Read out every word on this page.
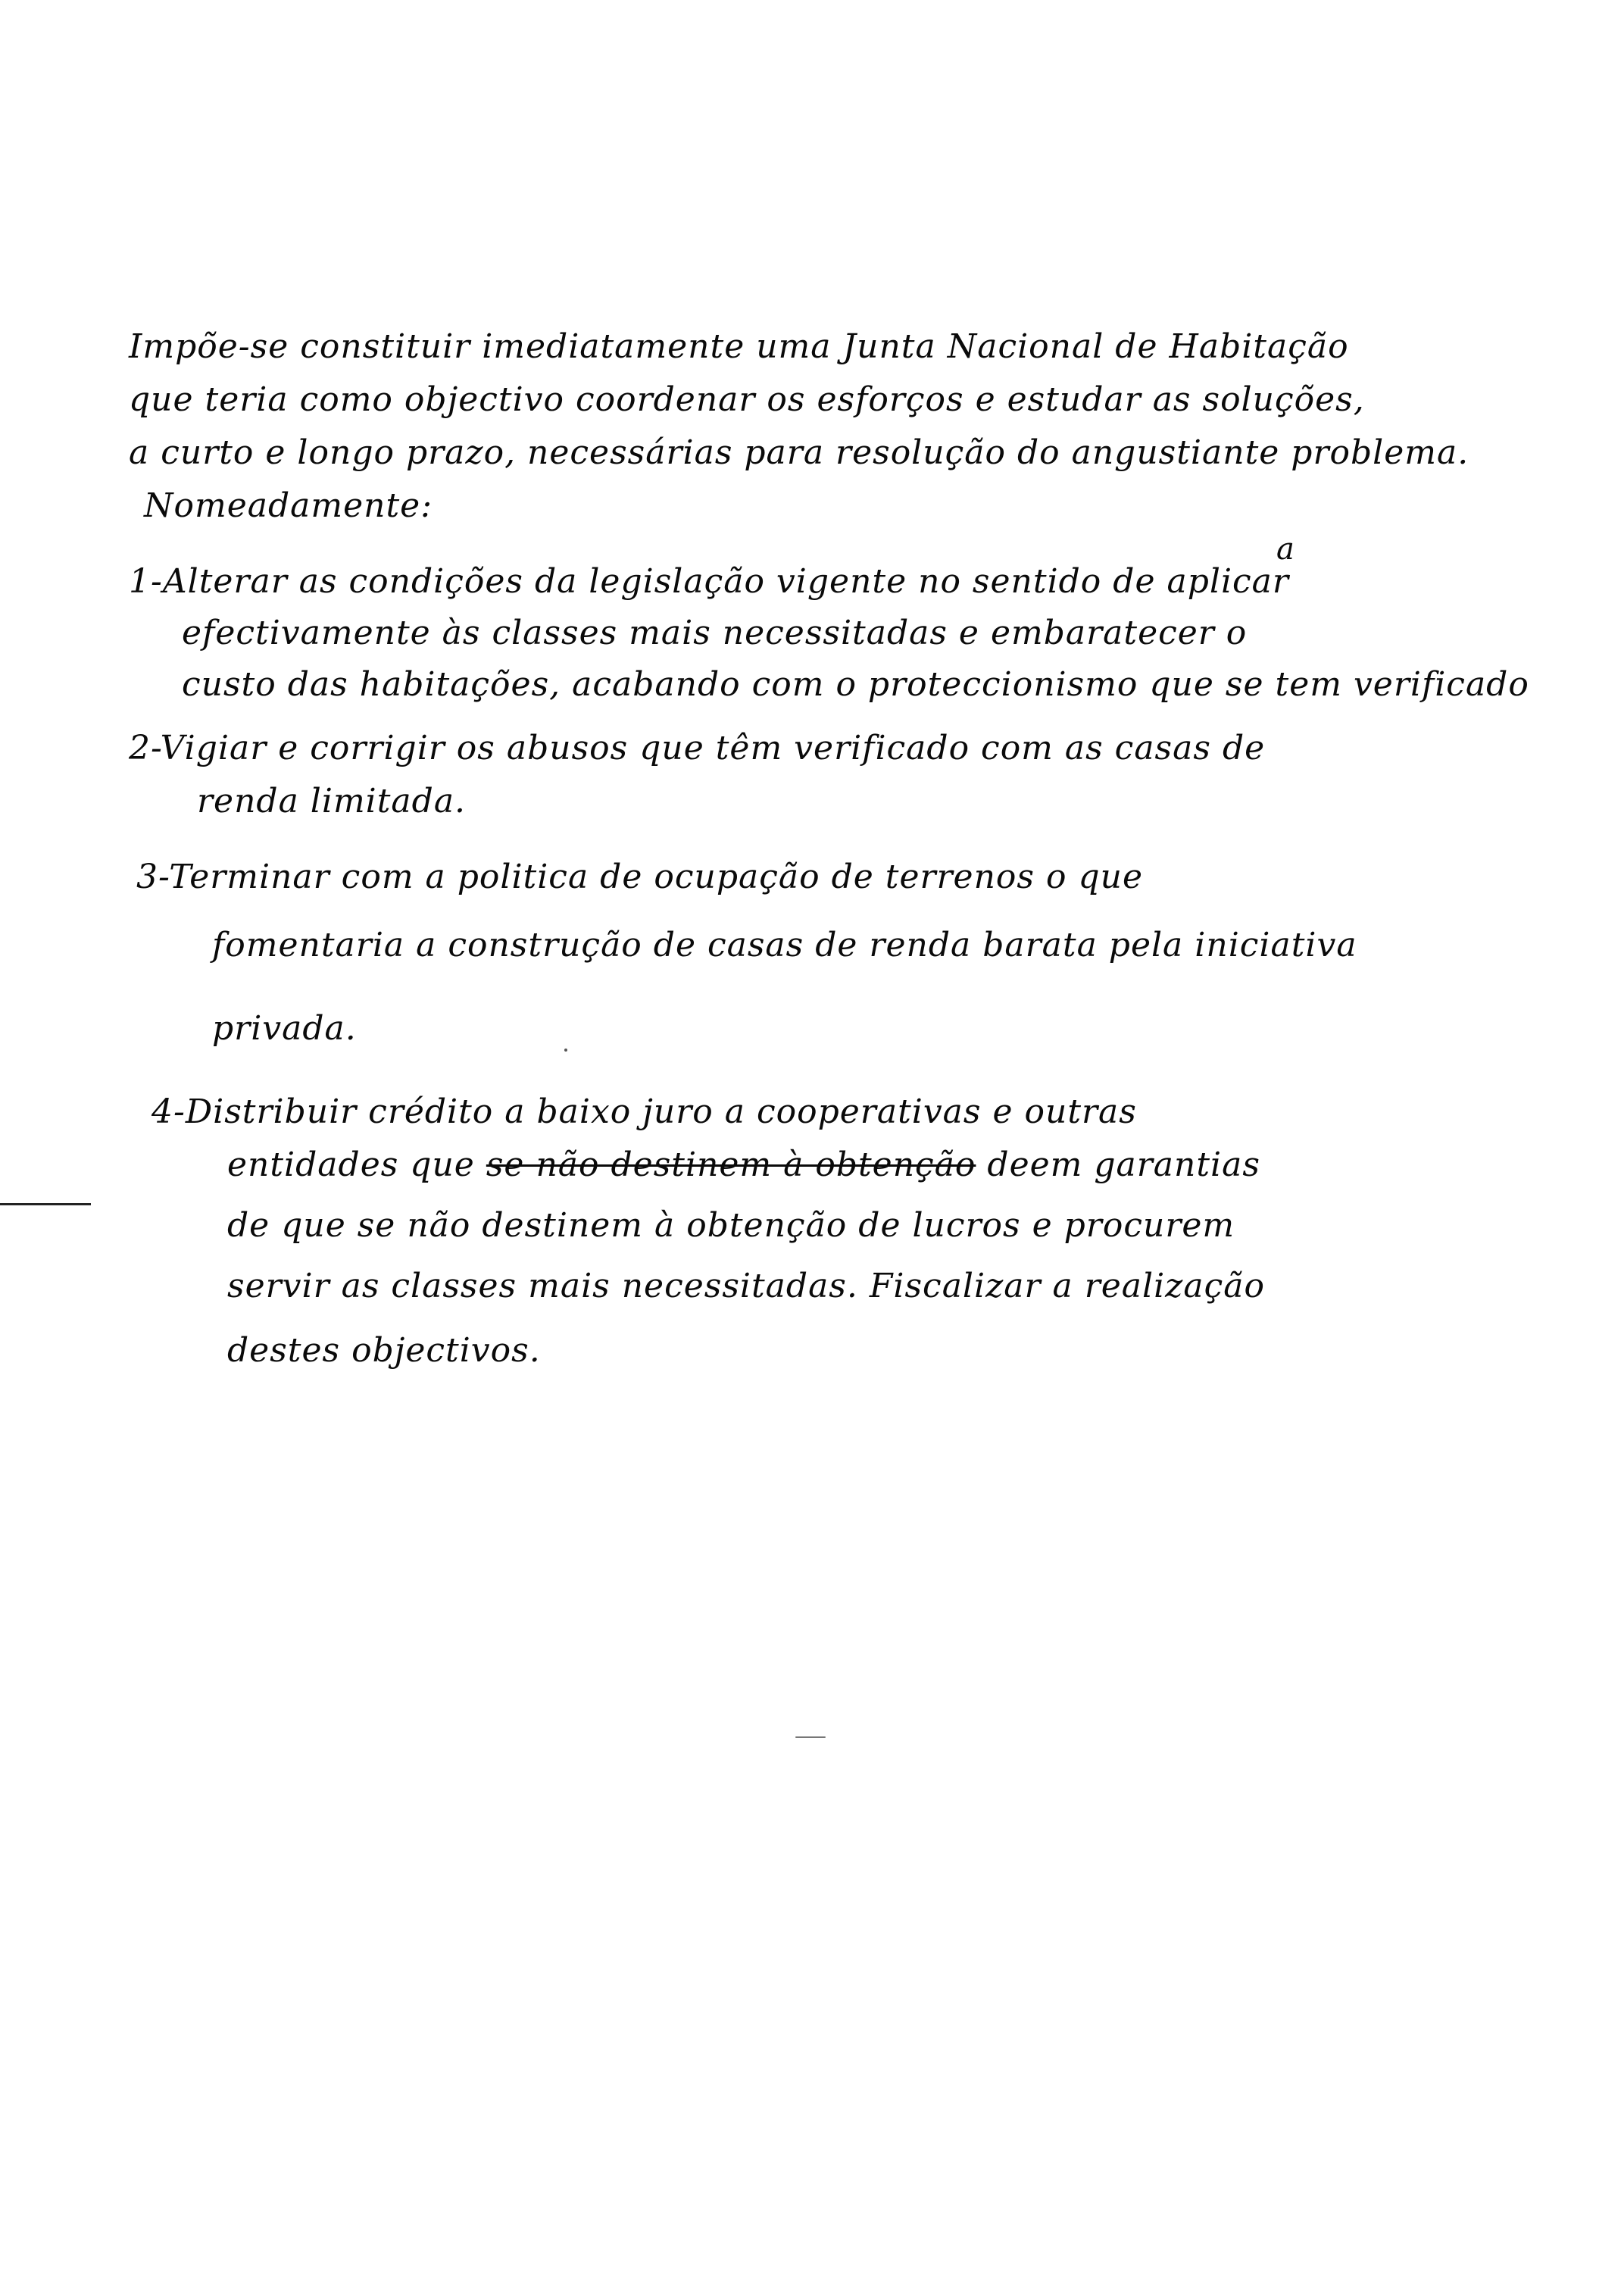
Impõe-se constituir imediatamente uma Junta Nacional de Habitação
que teria como objectivo coordenar os esforços e estudar as soluções,
a curto e longo prazo, necessárias para resolução do angustiante problema.
Nomeadamente:
1-Alterar as condições da legislação vigente no sentido de aplicar
a
efectivamente às classes mais necessitadas e embaratecer o
custo das habitações, acabando com o proteccionismo que se tem verificado
2-Vigiar e corrigir os abusos que têm verificado com as casas de
renda limitada.
3-Terminar com a politica de ocupação de terrenos o que
fomentaria a construção de casas de renda barata pela iniciativa
privada.
4-Distribuir crédito a baixo juro a cooperativas e outras
entidades que se não destinem à obtenção deem garantias
de que se não destinem à obtenção de lucros e procurem
servir as classes mais necessitadas. Fiscalizar a realização
destes objectivos.
